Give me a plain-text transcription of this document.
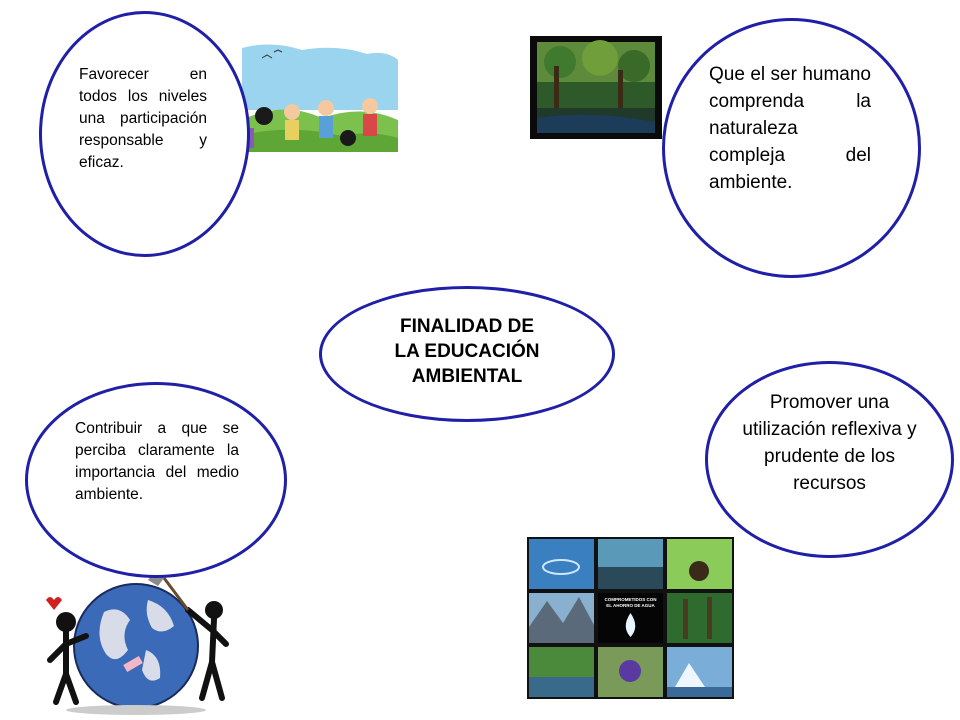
COMPROMETIDOS CON
EL AHORRO DE AGUA
Favorecer en todos los niveles una participación responsable y eficaz.
Que el ser humano comprenda la naturaleza compleja del ambiente.
FINALIDAD DE
LA EDUCACIÓN
AMBIENTAL
Contribuir a que se perciba claramente la importancia del medio ambiente.
Promover una utilización reflexiva y prudente de los recursos
